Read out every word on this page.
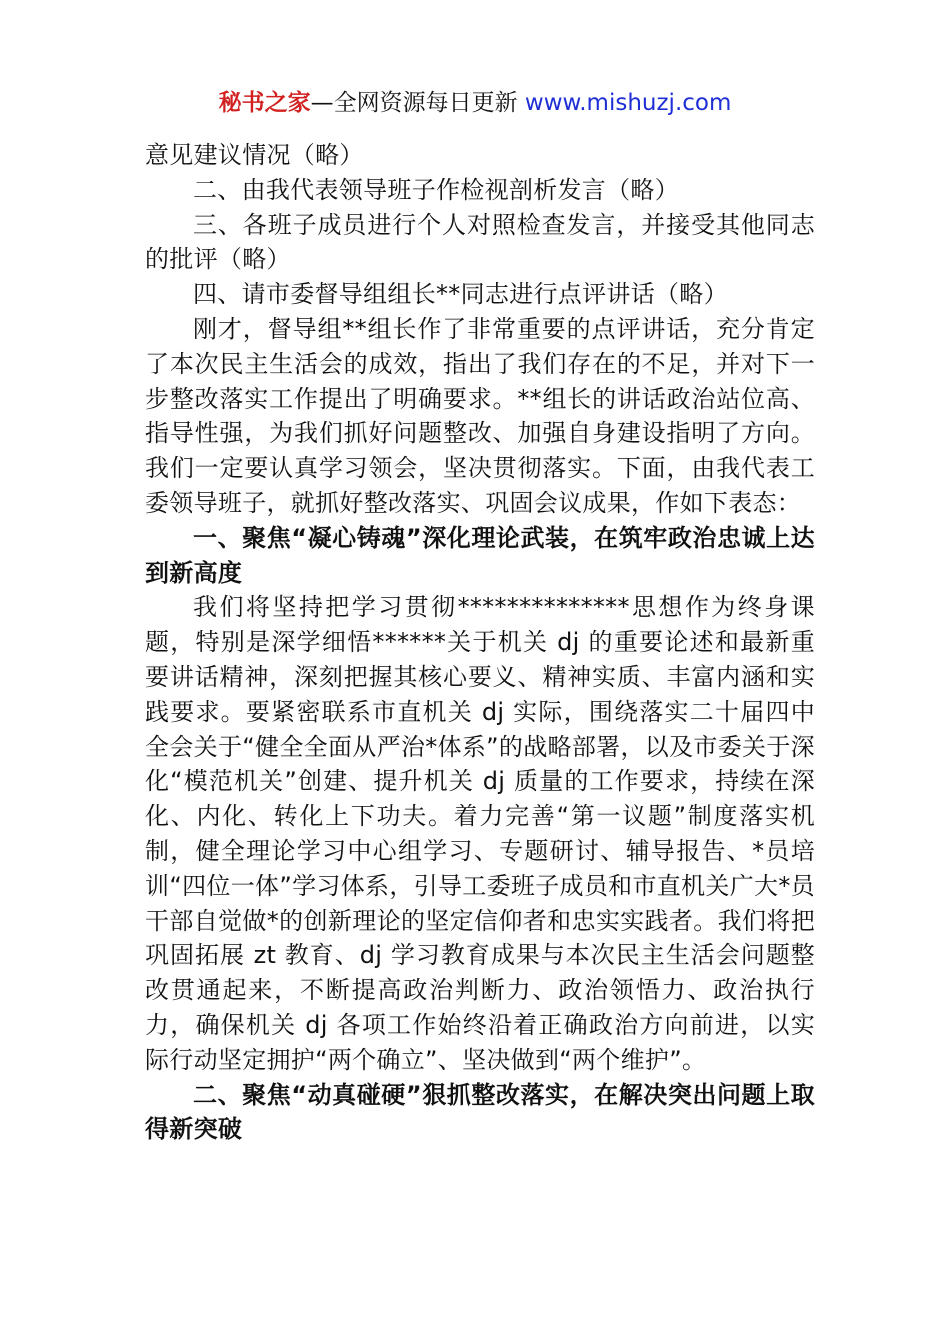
秘书之家—全网资源每日更新 www.mishuzj.com

意见建议情况（略）

二、由我代表领导班子作检视剖析发言（略）

三、各班子成员进行个人对照检查发言，并接受其他同志的批评（略）

四、请市委督导组组长**同志进行点评讲话（略）

刚才，督导组**组长作了非常重要的点评讲话，充分肯定了本次民主生活会的成效，指出了我们存在的不足，并对下一步整改落实工作提出了明确要求。**组长的讲话政治站位高、指导性强，为我们抓好问题整改、加强自身建设指明了方向。我们一定要认真学习领会，坚决贯彻落实。下面，由我代表工委领导班子，就抓好整改落实、巩固会议成果，作如下表态：

一、聚焦“凝心铸魂”深化理论武装，在筑牢政治忠诚上达到新高度

我们将坚持把学习贯彻**************思想作为终身课题，特别是深学细悟******关于机关 dj 的重要论述和最新重要讲话精神，深刻把握其核心要义、精神实质、丰富内涵和实践要求。要紧密联系市直机关 dj 实际，围绕落实二十届四中全会关于“健全全面从严治*体系”的战略部署，以及市委关于深化“模范机关”创建、提升机关 dj 质量的工作要求，持续在深化、内化、转化上下功夫。着力完善“第一议题”制度落实机制，健全理论学习中心组学习、专题研讨、辅导报告、*员培训“四位一体”学习体系，引导工委班子成员和市直机关广大*员干部自觉做*的创新理论的坚定信仰者和忠实实践者。我们将把巩固拓展 zt 教育、dj 学习教育成果与本次民主生活会问题整改贯通起来，不断提高政治判断力、政治领悟力、政治执行力，确保机关 dj 各项工作始终沿着正确政治方向前进，以实际行动坚定拥护“两个确立”、坚决做到“两个维护”。

二、聚焦“动真碰硬”狠抓整改落实，在解决突出问题上取得新突破
